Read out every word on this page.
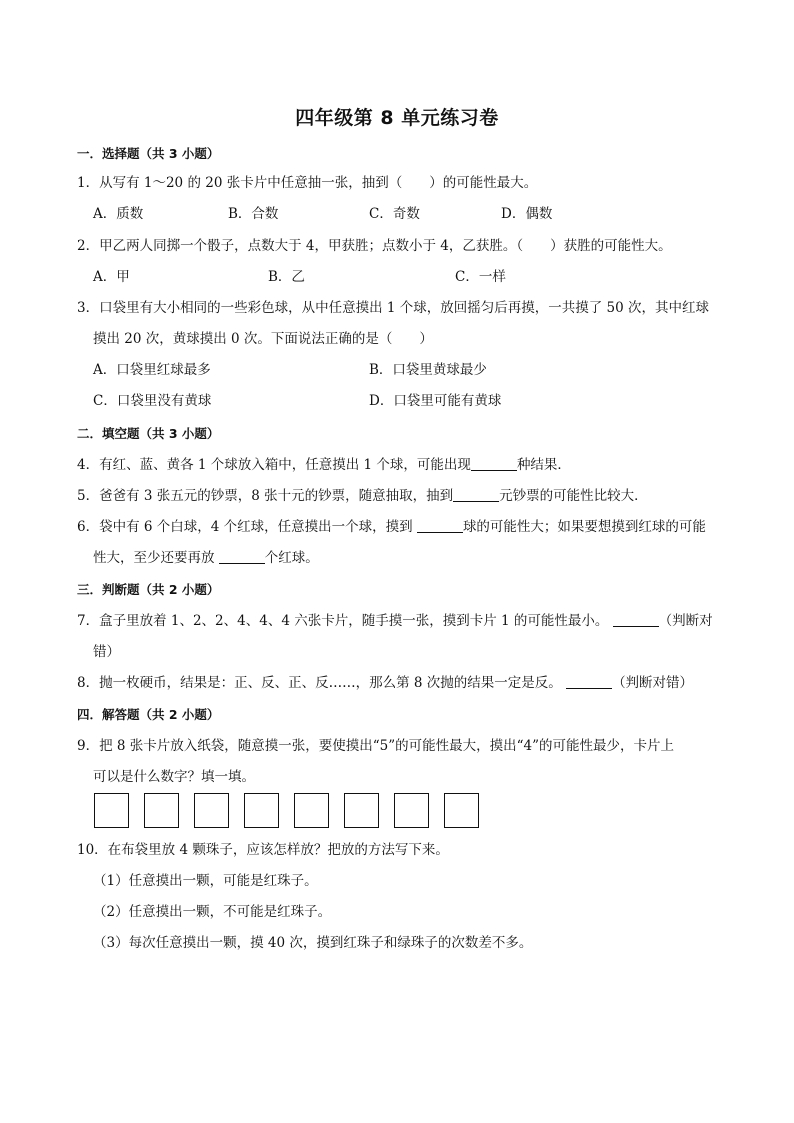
四年级第 8 单元练习卷
一．选择题（共 3 小题）
1．从写有 1～20 的 20 张卡片中任意抽一张，抽到（　　）的可能性最大。
A．质数	B．合数	C．奇数	D．偶数
2．甲乙两人同掷一个骰子，点数大于 4，甲获胜；点数小于 4，乙获胜。（　　）获胜的可能性大。
A．甲	B．乙	C．一样
3．口袋里有大小相同的一些彩色球，从中任意摸出 1 个球，放回摇匀后再摸，一共摸了 50 次，其中红球
摸出 20 次，黄球摸出 0 次。下面说法正确的是（　　）
A．口袋里红球最多	B．口袋里黄球最少
C．口袋里没有黄球	D．口袋里可能有黄球
二．填空题（共 3 小题）
4．有红、蓝、黄各 1 个球放入箱中，任意摸出 1 个球，可能出现	种结果．
5．爸爸有 3 张五元的钞票，8 张十元的钞票，随意抽取，抽到	元钞票的可能性比较大．
6．袋中有 6 个白球，4 个红球，任意摸出一个球，摸到	球的可能性大；如果要想摸到红球的可能
性大，至少还要再放	个红球。
三．判断题（共 2 小题）
7．盒子里放着 1、2、2、4、4、4 六张卡片，随手摸一张，摸到卡片 1 的可能性最小。	（判断对
错）
8．抛一枚硬币，结果是：正、反、正、反……，那么第 8 次抛的结果一定是反。	（判断对错）
四．解答题（共 2 小题）
9．把 8 张卡片放入纸袋，随意摸一张，要使摸出“5”的可能性最大，摸出“4”的可能性最少，卡片上
可以是什么数字？填一填。
10．在布袋里放 4 颗珠子，应该怎样放？把放的方法写下来。
（1）任意摸出一颗，可能是红珠子。
（2）任意摸出一颗，不可能是红珠子。
（3）每次任意摸出一颗，摸 40 次，摸到红珠子和绿珠子的次数差不多。
